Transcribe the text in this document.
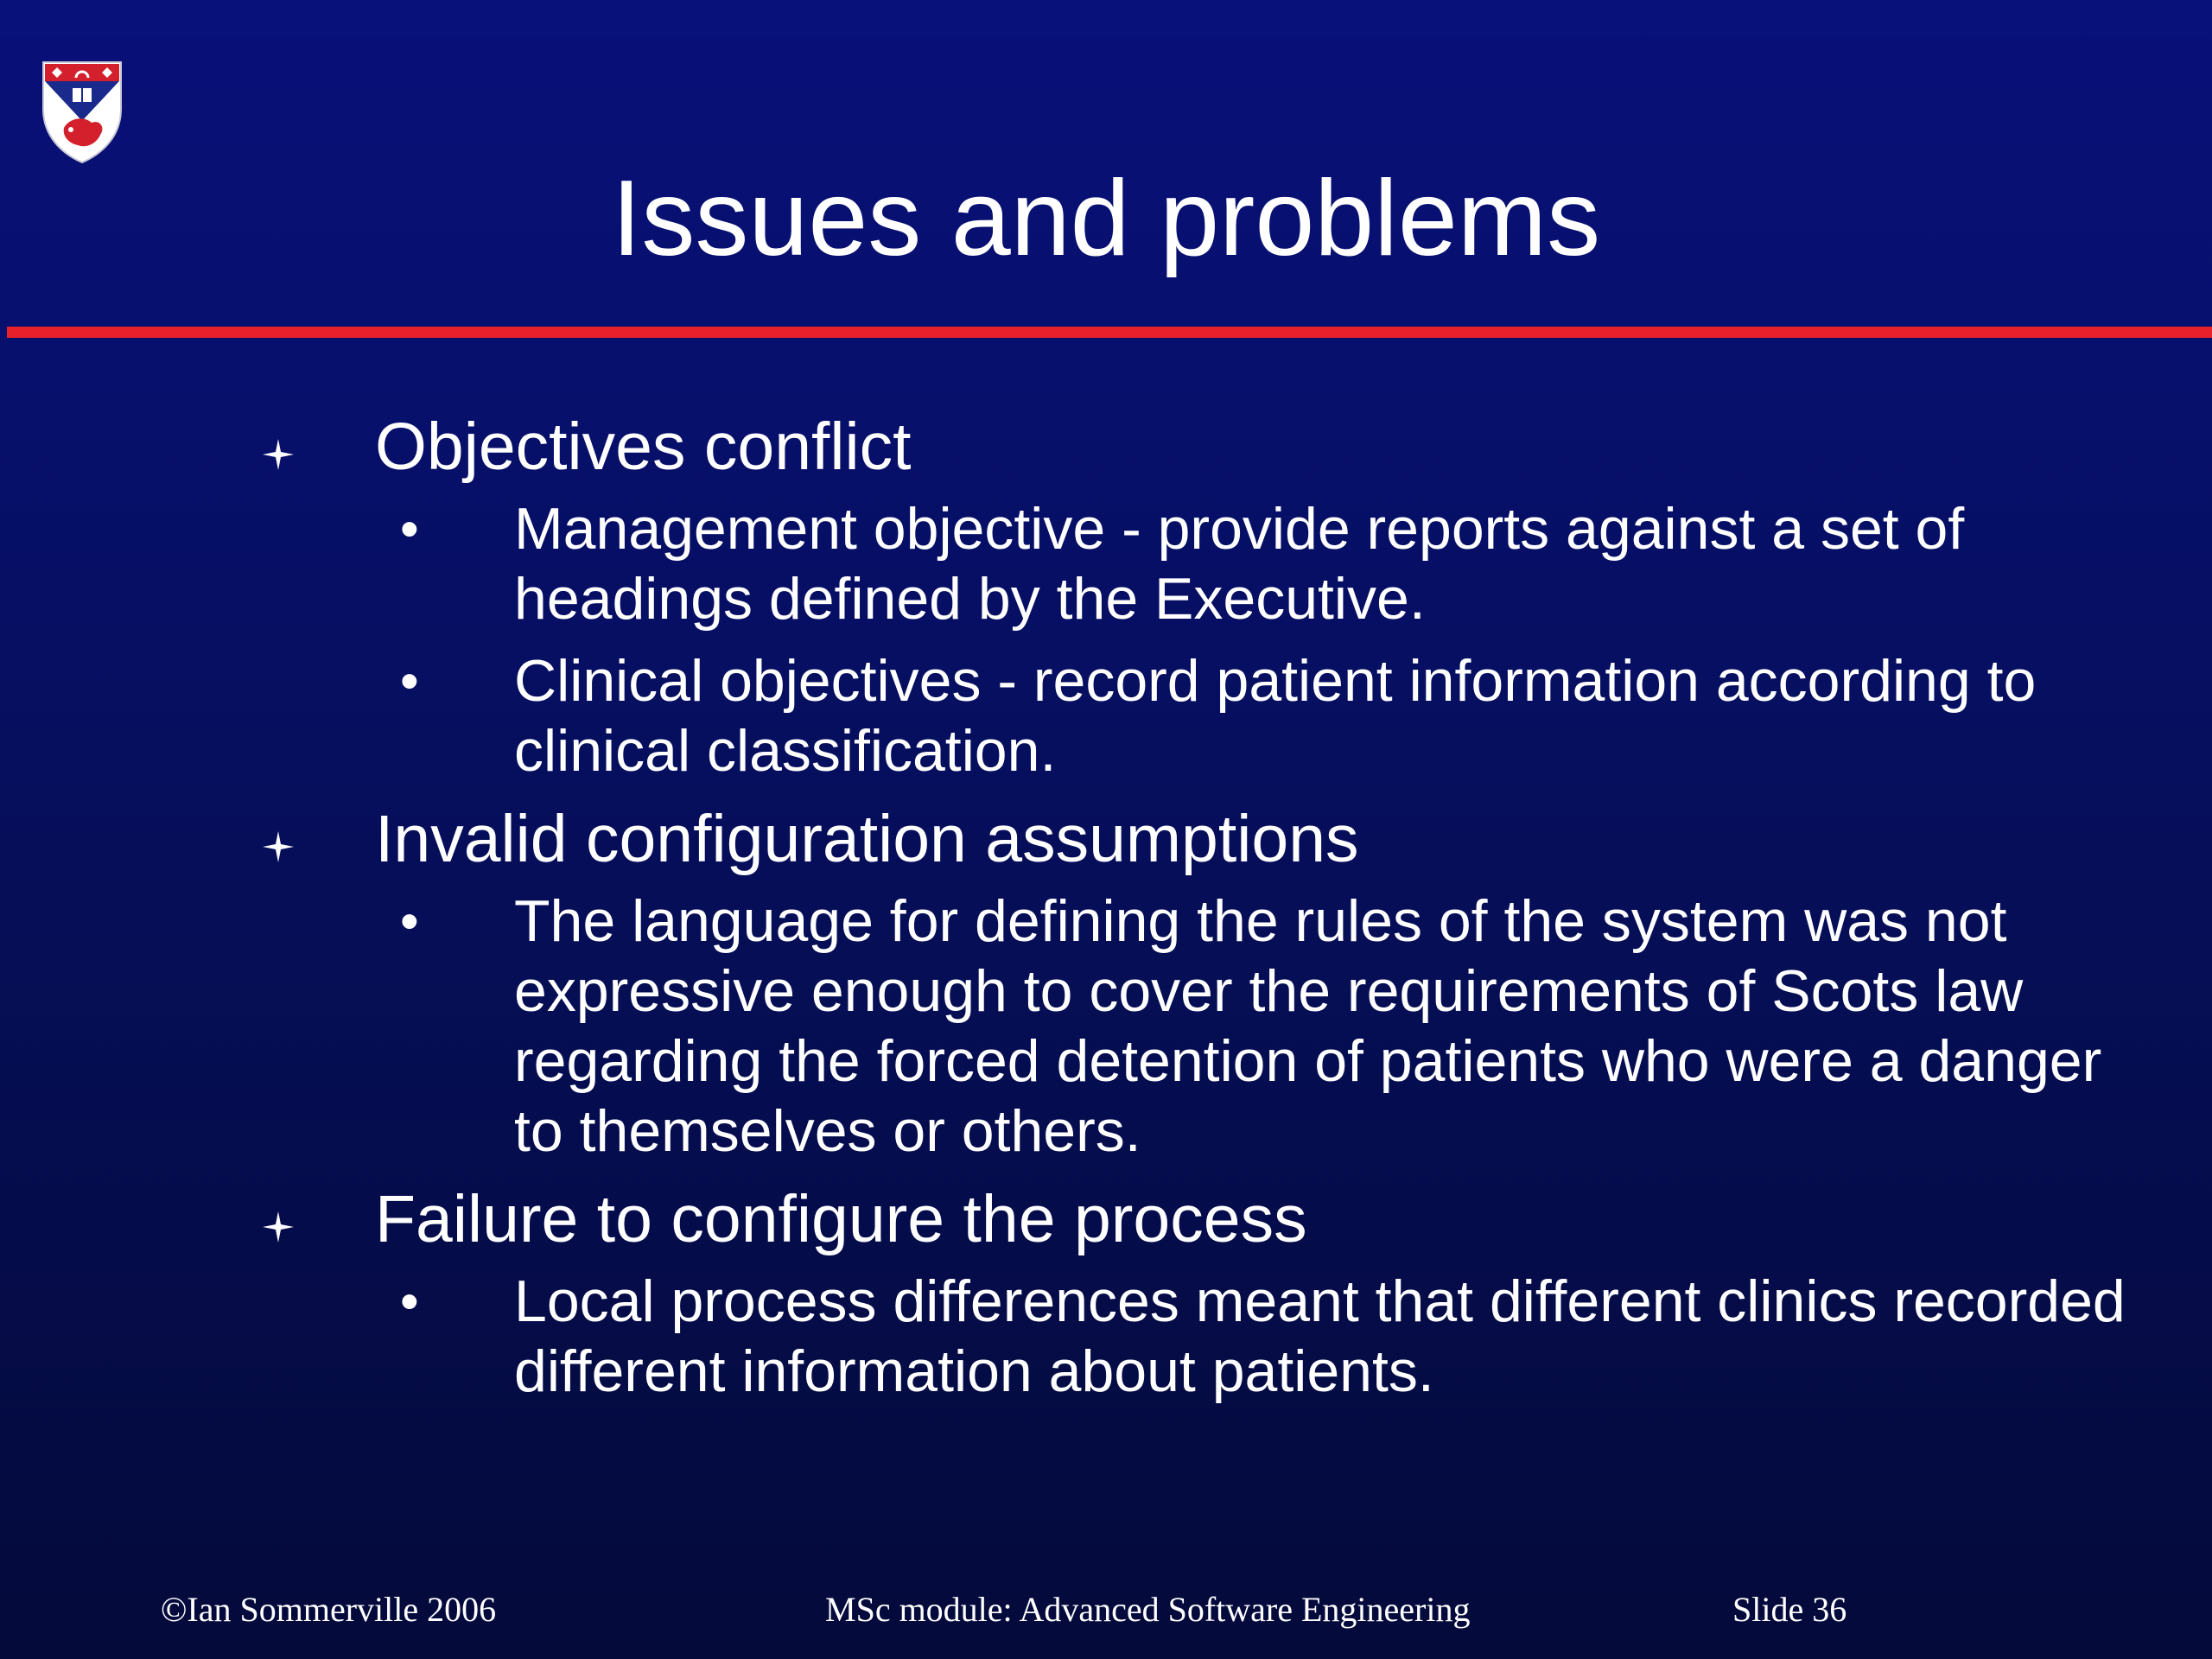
Issues and problems
Objectives conflict
• Management objective - provide reports against a set of headings defined by the Executive.
• Clinical objectives - record patient information according to clinical classification.
Invalid configuration assumptions
• The language for defining the rules of the system was not expressive enough to cover the requirements of Scots law regarding the forced detention of patients who were a danger to themselves or others.
Failure to configure the process
• Local process differences meant that different clinics recorded different information about patients.
©Ian Sommerville 2006	MSc module: Advanced Software Engineering	Slide 36
